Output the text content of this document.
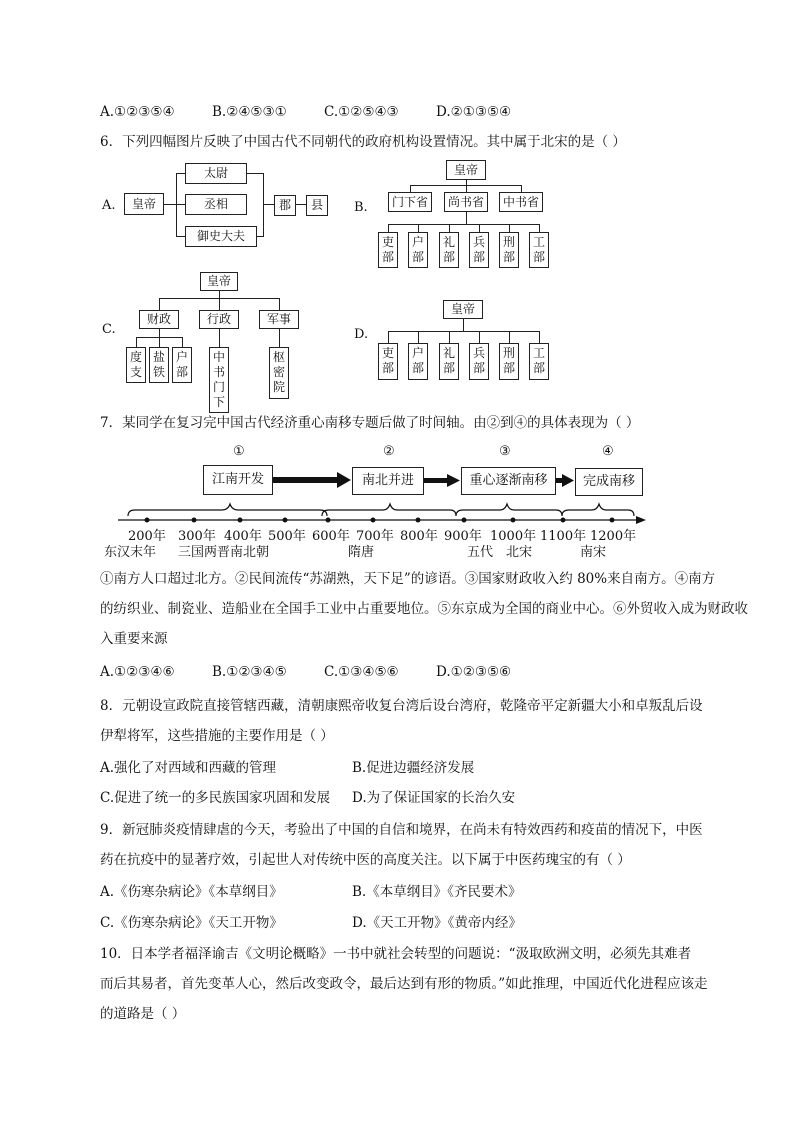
A.①②③⑤④	B.②④⑤③①	C.①②⑤④③	D.②①③⑤④
6．下列四幅图片反映了中国古代不同朝代的政府机构设置情况。其中属于北宋的是（ ）
A.	皇帝
太尉
丞相
御史大夫
郡	县	B.
皇帝
门下省	尚书省	中书省
吏部
户部
礼部
兵部
刑部
工部
C.
皇帝
财政	行政	军事
度支
盐铁
户部
中书门下
枢密院
D.
皇帝
吏部
户部
礼部
兵部
刑部
工部
7．某同学在复习完中国古代经济重心南移专题后做了时间轴。由②到④的具体表现为（ ）
①	②	③	④
江南开发	南北并进	重心逐渐南移	完成南移
200年 300年 400年 500年 600年 700年 800年 900年 1000年 1100年 1200年
东汉末年 三国两晋南北朝	隋唐	五代 北宋	南宋
①南方人口超过北方。②民间流传“苏湖熟，天下足”的谚语。③国家财政收入约 80%来自南方。④南方
的纺织业、制瓷业、造船业在全国手工业中占重要地位。⑤东京成为全国的商业中心。⑥外贸收入成为财政收
入重要来源
A.①②③④⑥	B.①②③④⑤	C.①③④⑤⑥	D.①②③⑤⑥
8．元朝设宣政院直接管辖西藏，清朝康熙帝收复台湾后设台湾府，乾隆帝平定新疆大小和卓叛乱后设
伊犁将军，这些措施的主要作用是（ ）
A.强化了对西域和西藏的管理	B.促进边疆经济发展
C.促进了统一的多民族国家巩固和发展 D.为了保证国家的长治久安
9．新冠肺炎疫情肆虐的今天，考验出了中国的自信和境界，在尚未有特效西药和疫苗的情况下，中医
药在抗疫中的显著疗效，引起世人对传统中医的高度关注。以下属于中医药瑰宝的有（ ）
A.《伤寒杂病论》《本草纲目》	B.《本草纲目》《齐民要术》
C.《伤寒杂病论》《天工开物》	D.《天工开物》《黄帝内经》
10．日本学者福泽谕吉《文明论概略》一书中就社会转型的问题说：“汲取欧洲文明，必须先其难者
而后其易者，首先变革人心，然后改变政令，最后达到有形的物质。”如此推理，中国近代化进程应该走
的道路是（ ）
